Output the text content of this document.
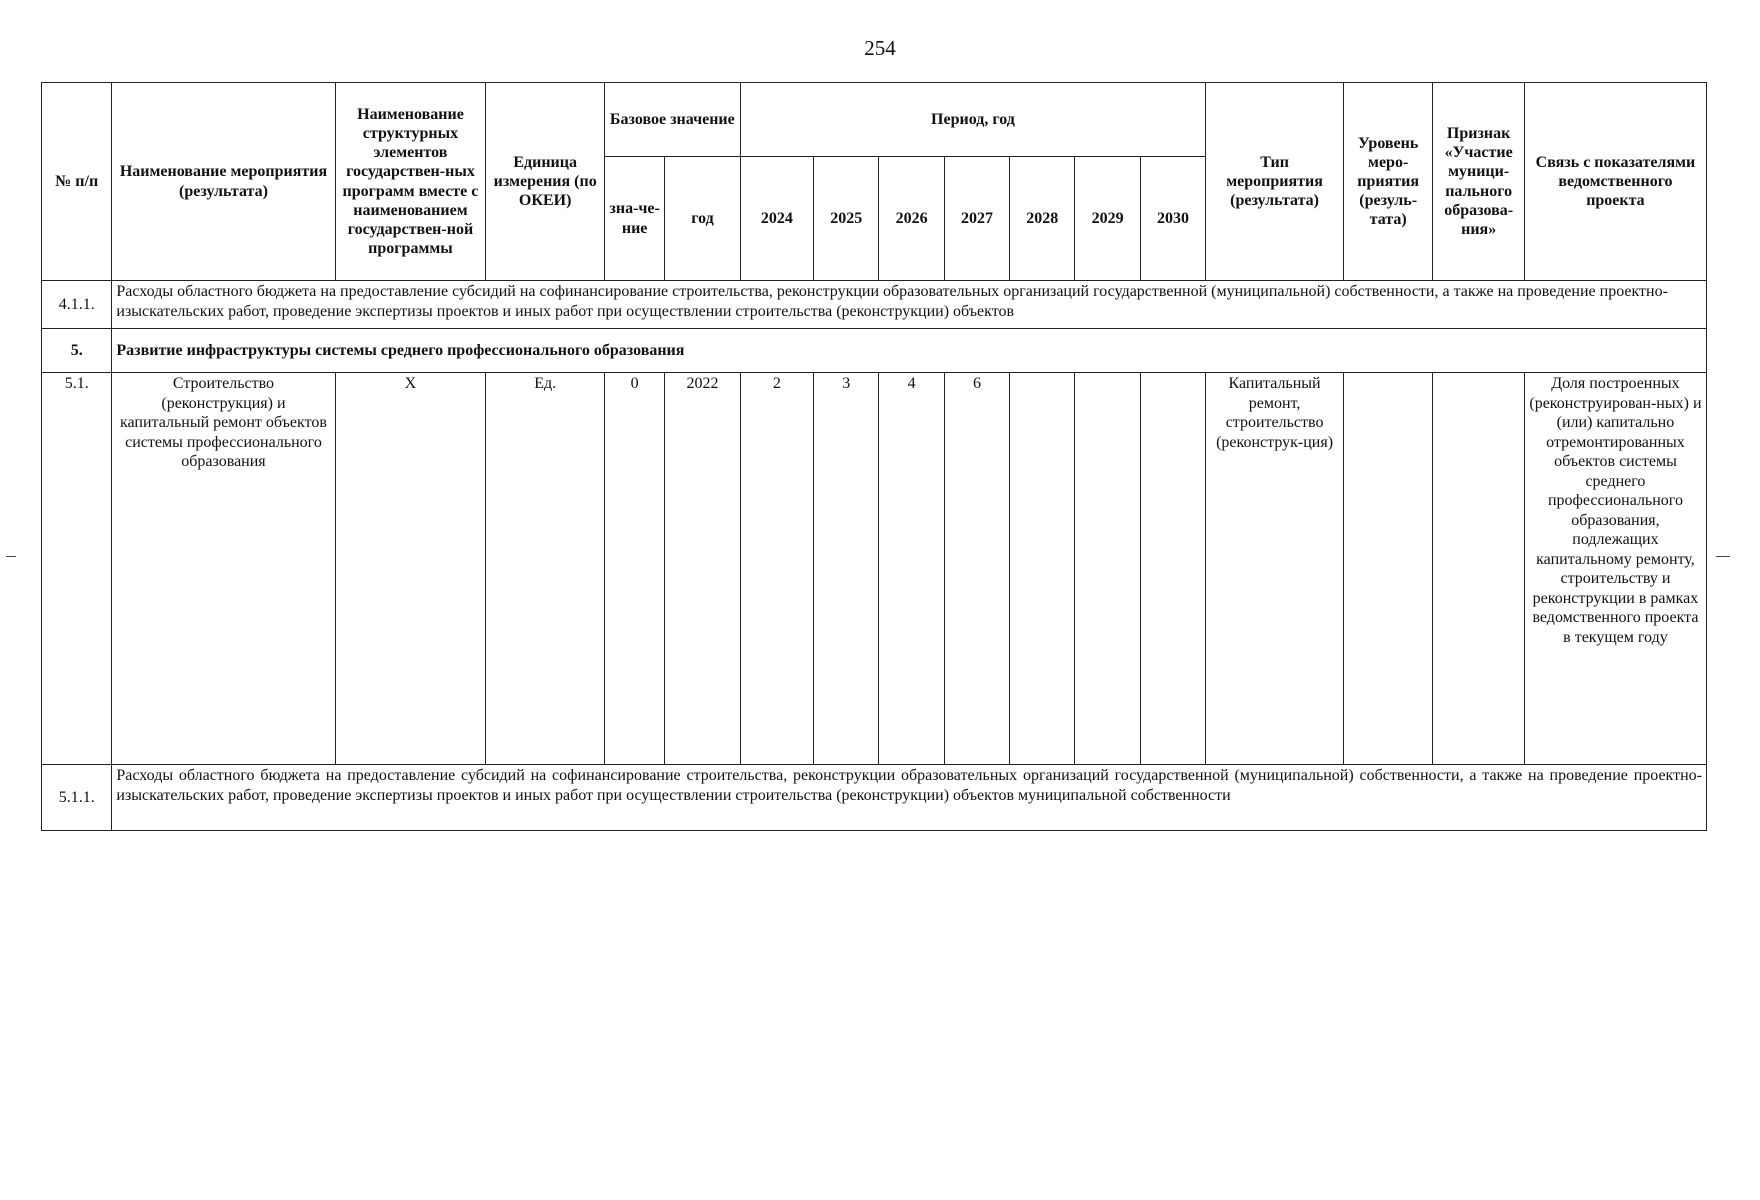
254
№ п/п	Наименование мероприятия (результата)	Наименование структурных элементов государствен-ных программ вместе с наименованием государствен-ной программы	Единица измерения (по ОКЕИ)	Базовое значение		Период, год							Тип мероприятия (результата)	Уровень меро-приятия (резуль-тата)	Признак «Участие муници-пального образова-ния»	Связь с показателями ведомственного проекта
				зна-че-ние	год	2024	2025	2026	2027	2028	2029	2030				
4.1.1.	Расходы областного бюджета на предоставление субсидий на софинансирование строительства, реконструкции образовательных организаций государственной (муниципальной) собственности, а также на проведение проектно-изыскательских работ, проведение экспертизы проектов и иных работ при осуществлении строительства (реконструкции) объектов															
5.	Развитие инфраструктуры системы среднего профессионального образования															
5.1.	Строительство (реконструкция) и капитальный ремонт объектов системы профессионального образования	X	Ед.	0	2022	2	3	4	6				Капитальный ремонт, строительство (реконструк-ция)			Доля построенных (реконструирован-ных) и (или) капитально отремонтированных объектов системы среднего профессионального образования, подлежащих капитальному ремонту, строительству и реконструкции в рамках ведомственного проекта в текущем году
5.1.1.	Расходы областного бюджета на предоставление субсидий на софинансирование строительства, реконструкции образовательных организаций государственной (муниципальной) собственности, а также на проведение проектно-изыскательских работ, проведение экспертизы проектов и иных работ при осуществлении строительства (реконструкции) объектов муниципальной собственности															
